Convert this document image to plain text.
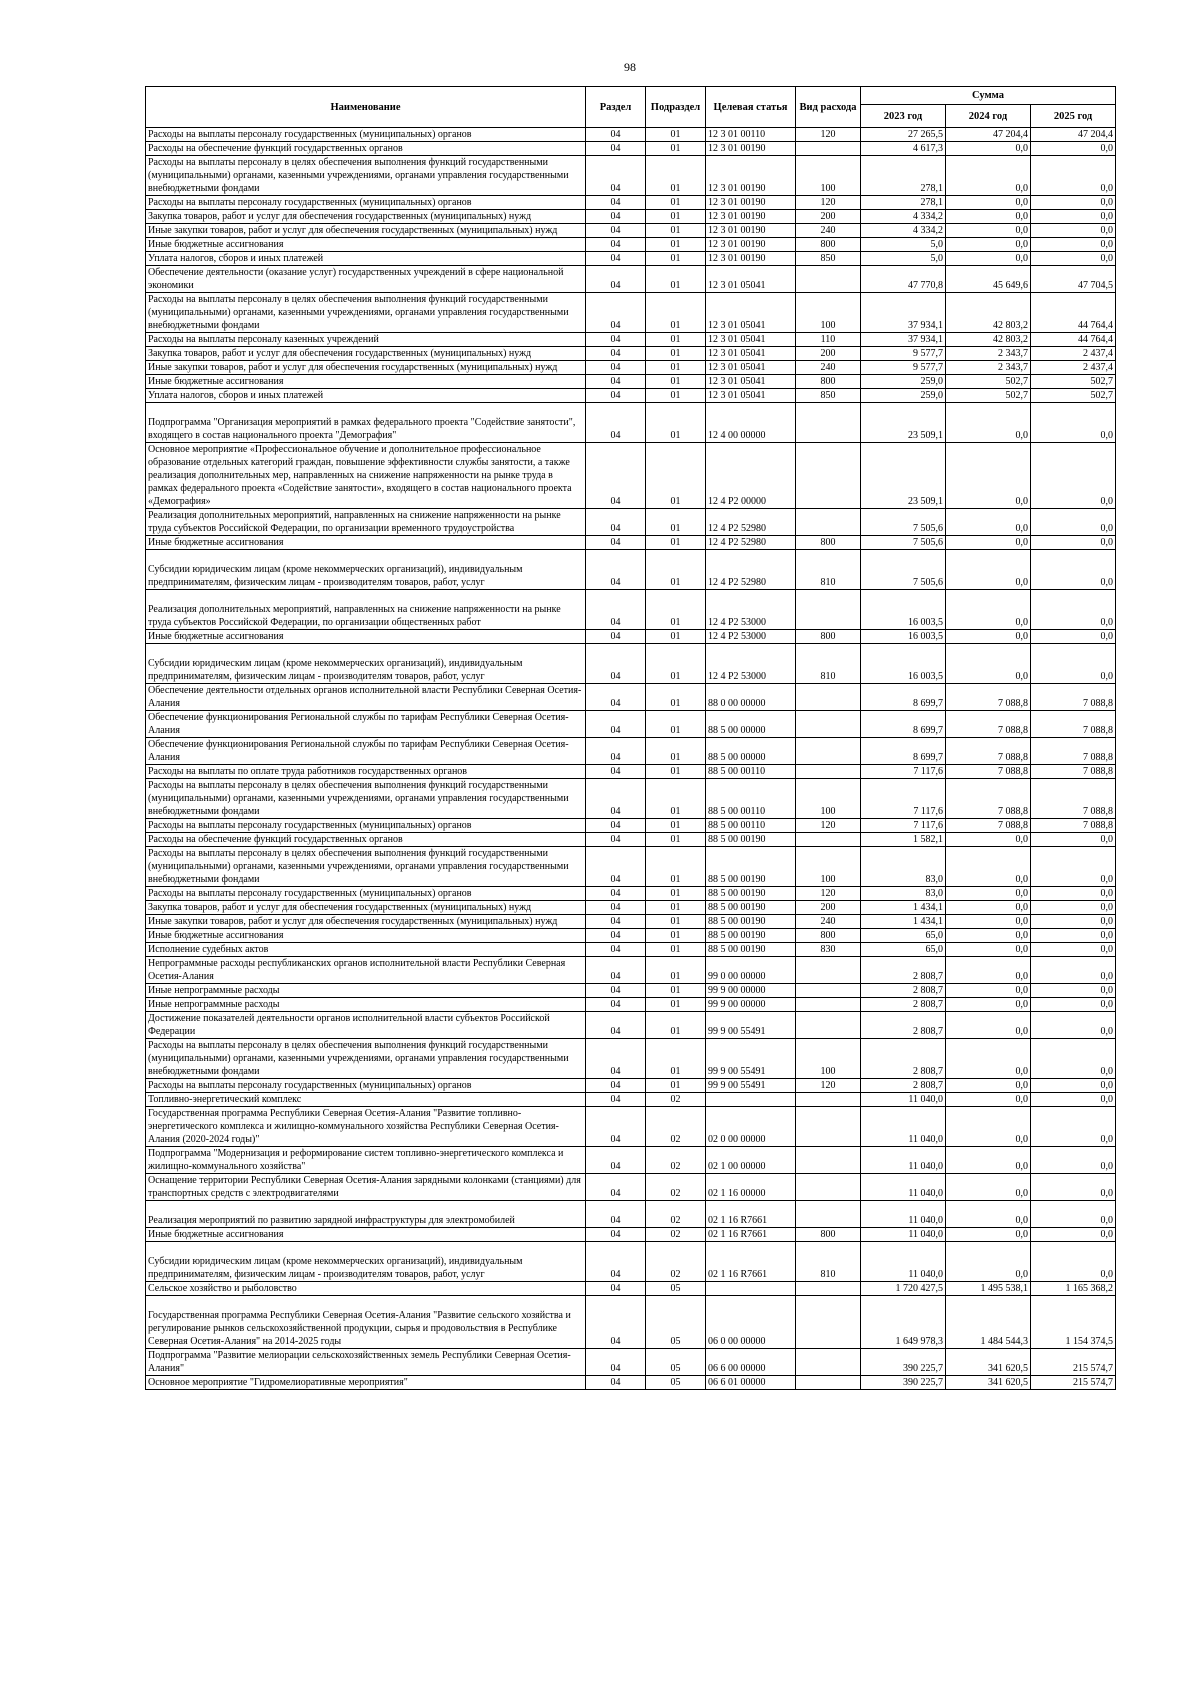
98
Наименование	Раздел	Подраздел	Целевая статья	Вид расхода	Сумма		
					2023 год	2024 год	2025 год
Расходы на выплаты персоналу государственных (муниципальных) органов	04	01	12 3 01 00110	120	27 265,5	47 204,4	47 204,4
Расходы на обеспечение функций государственных органов	04	01	12 3 01 00190		4 617,3	0,0	0,0
Расходы на выплаты персоналу в целях обеспечения выполнения функций государственными (муниципальными) органами, казенными учреждениями, органами управления государственными внебюджетными фондами	04	01	12 3 01 00190	100	278,1	0,0	0,0
Расходы на выплаты персоналу государственных (муниципальных) органов	04	01	12 3 01 00190	120	278,1	0,0	0,0
Закупка товаров, работ и услуг для обеспечения государственных (муниципальных) нужд	04	01	12 3 01 00190	200	4 334,2	0,0	0,0
Иные закупки товаров, работ и услуг для обеспечения государственных (муниципальных) нужд	04	01	12 3 01 00190	240	4 334,2	0,0	0,0
Иные бюджетные ассигнования	04	01	12 3 01 00190	800	5,0	0,0	0,0
Уплата налогов, сборов и иных платежей	04	01	12 3 01 00190	850	5,0	0,0	0,0
Обеспечение деятельности (оказание услуг) государственных учреждений в сфере национальной экономики	04	01	12 3 01 05041		47 770,8	45 649,6	47 704,5
Расходы на выплаты персоналу в целях обеспечения выполнения функций государственными (муниципальными) органами, казенными учреждениями, органами управления государственными внебюджетными фондами	04	01	12 3 01 05041	100	37 934,1	42 803,2	44 764,4
Расходы на выплаты персоналу казенных учреждений	04	01	12 3 01 05041	110	37 934,1	42 803,2	44 764,4
Закупка товаров, работ и услуг для обеспечения государственных (муниципальных) нужд	04	01	12 3 01 05041	200	9 577,7	2 343,7	2 437,4
Иные закупки товаров, работ и услуг для обеспечения государственных (муниципальных) нужд	04	01	12 3 01 05041	240	9 577,7	2 343,7	2 437,4
Иные бюджетные ассигнования	04	01	12 3 01 05041	800	259,0	502,7	502,7
Уплата налогов, сборов и иных платежей	04	01	12 3 01 05041	850	259,0	502,7	502,7
Подпрограмма "Организация мероприятий в рамках федерального проекта "Содействие занятости", входящего в состав национального проекта "Демография"	04	01	12 4 00 00000		23 509,1	0,0	0,0
Основное мероприятие «Профессиональное обучение и дополнительное профессиональное образование отдельных категорий граждан, повышение эффективности службы занятости, а также реализация дополнительных мер, направленных на снижение напряженности на рынке труда в рамках федерального проекта «Содействие занятости», входящего в состав национального проекта «Демография»	04	01	12 4 P2 00000		23 509,1	0,0	0,0
Реализация дополнительных мероприятий, направленных на снижение напряженности на рынке труда субъектов Российской Федерации, по организации временного трудоустройства	04	01	12 4 P2 52980		7 505,6	0,0	0,0
Иные бюджетные ассигнования	04	01	12 4 P2 52980	800	7 505,6	0,0	0,0
Субсидии юридическим лицам (кроме некоммерческих организаций), индивидуальным предпринимателям, физическим лицам - производителям товаров, работ, услуг	04	01	12 4 P2 52980	810	7 505,6	0,0	0,0
Реализация дополнительных мероприятий, направленных на снижение напряженности на рынке труда субъектов Российской Федерации, по организации общественных работ	04	01	12 4 P2 53000		16 003,5	0,0	0,0
Иные бюджетные ассигнования	04	01	12 4 P2 53000	800	16 003,5	0,0	0,0
Субсидии юридическим лицам (кроме некоммерческих организаций), индивидуальным предпринимателям, физическим лицам - производителям товаров, работ, услуг	04	01	12 4 P2 53000	810	16 003,5	0,0	0,0
Обеспечение деятельности отдельных органов исполнительной власти Республики Северная Осетия-Алания	04	01	88 0 00 00000		8 699,7	7 088,8	7 088,8
Обеспечение функционирования Региональной службы по тарифам Республики Северная Осетия-Алания	04	01	88 5 00 00000		8 699,7	7 088,8	7 088,8
Обеспечение функционирования Региональной службы по тарифам Республики Северная Осетия-Алания	04	01	88 5 00 00000		8 699,7	7 088,8	7 088,8
Расходы на выплаты по оплате труда работников государственных органов	04	01	88 5 00 00110		7 117,6	7 088,8	7 088,8
Расходы на выплаты персоналу в целях обеспечения выполнения функций государственными (муниципальными) органами, казенными учреждениями, органами управления государственными внебюджетными фондами	04	01	88 5 00 00110	100	7 117,6	7 088,8	7 088,8
Расходы на выплаты персоналу государственных (муниципальных) органов	04	01	88 5 00 00110	120	7 117,6	7 088,8	7 088,8
Расходы на обеспечение функций государственных органов	04	01	88 5 00 00190		1 582,1	0,0	0,0
Расходы на выплаты персоналу в целях обеспечения выполнения функций государственными (муниципальными) органами, казенными учреждениями, органами управления государственными внебюджетными фондами	04	01	88 5 00 00190	100	83,0	0,0	0,0
Расходы на выплаты персоналу государственных (муниципальных) органов	04	01	88 5 00 00190	120	83,0	0,0	0,0
Закупка товаров, работ и услуг для обеспечения государственных (муниципальных) нужд	04	01	88 5 00 00190	200	1 434,1	0,0	0,0
Иные закупки товаров, работ и услуг для обеспечения государственных (муниципальных) нужд	04	01	88 5 00 00190	240	1 434,1	0,0	0,0
Иные бюджетные ассигнования	04	01	88 5 00 00190	800	65,0	0,0	0,0
Исполнение судебных актов	04	01	88 5 00 00190	830	65,0	0,0	0,0
Непрограммные расходы республиканских органов исполнительной власти Республики Северная Осетия-Алания	04	01	99 0 00 00000		2 808,7	0,0	0,0
Иные непрограммные расходы	04	01	99 9 00 00000		2 808,7	0,0	0,0
Иные непрограммные расходы	04	01	99 9 00 00000		2 808,7	0,0	0,0
Достижение показателей деятельности органов исполнительной власти субъектов Российской Федерации	04	01	99 9 00 55491		2 808,7	0,0	0,0
Расходы на выплаты персоналу в целях обеспечения выполнения функций государственными (муниципальными) органами, казенными учреждениями, органами управления государственными внебюджетными фондами	04	01	99 9 00 55491	100	2 808,7	0,0	0,0
Расходы на выплаты персоналу государственных (муниципальных) органов	04	01	99 9 00 55491	120	2 808,7	0,0	0,0
Топливно-энергетический комплекс	04	02			11 040,0	0,0	0,0
Государственная программа Республики Северная Осетия-Алания "Развитие топливно-энергетического комплекса и жилищно-коммунального хозяйства Республики Северная Осетия-Алания (2020-2024 годы)"	04	02	02 0 00 00000		11 040,0	0,0	0,0
Подпрограмма "Модернизация и реформирование систем топливно-энергетического комплекса и жилищно-коммунального хозяйства"	04	02	02 1 00 00000		11 040,0	0,0	0,0
Оснащение территории Республики Северная Осетия-Алания зарядными колонками (станциями) для транспортных средств с электродвигателями	04	02	02 1 16 00000		11 040,0	0,0	0,0
Реализация мероприятий по развитию зарядной инфраструктуры для электромобилей	04	02	02 1 16 R7661		11 040,0	0,0	0,0
Иные бюджетные ассигнования	04	02	02 1 16 R7661	800	11 040,0	0,0	0,0
Субсидии юридическим лицам (кроме некоммерческих организаций), индивидуальным предпринимателям, физическим лицам - производителям товаров, работ, услуг	04	02	02 1 16 R7661	810	11 040,0	0,0	0,0
Сельское хозяйство и рыболовство	04	05			1 720 427,5	1 495 538,1	1 165 368,2
Государственная программа Республики Северная Осетия-Алания "Развитие сельского хозяйства и регулирование рынков сельскохозяйственной продукции, сырья и продовольствия в Республике Северная Осетия-Алания" на 2014-2025 годы	04	05	06 0 00 00000		1 649 978,3	1 484 544,3	1 154 374,5
Подпрограмма "Развитие мелиорации сельскохозяйственных земель Республики Северная Осетия-Алания"	04	05	06 6 00 00000		390 225,7	341 620,5	215 574,7
Основное мероприятие "Гидромелиоративные мероприятия"	04	05	06 6 01 00000		390 225,7	341 620,5	215 574,7
